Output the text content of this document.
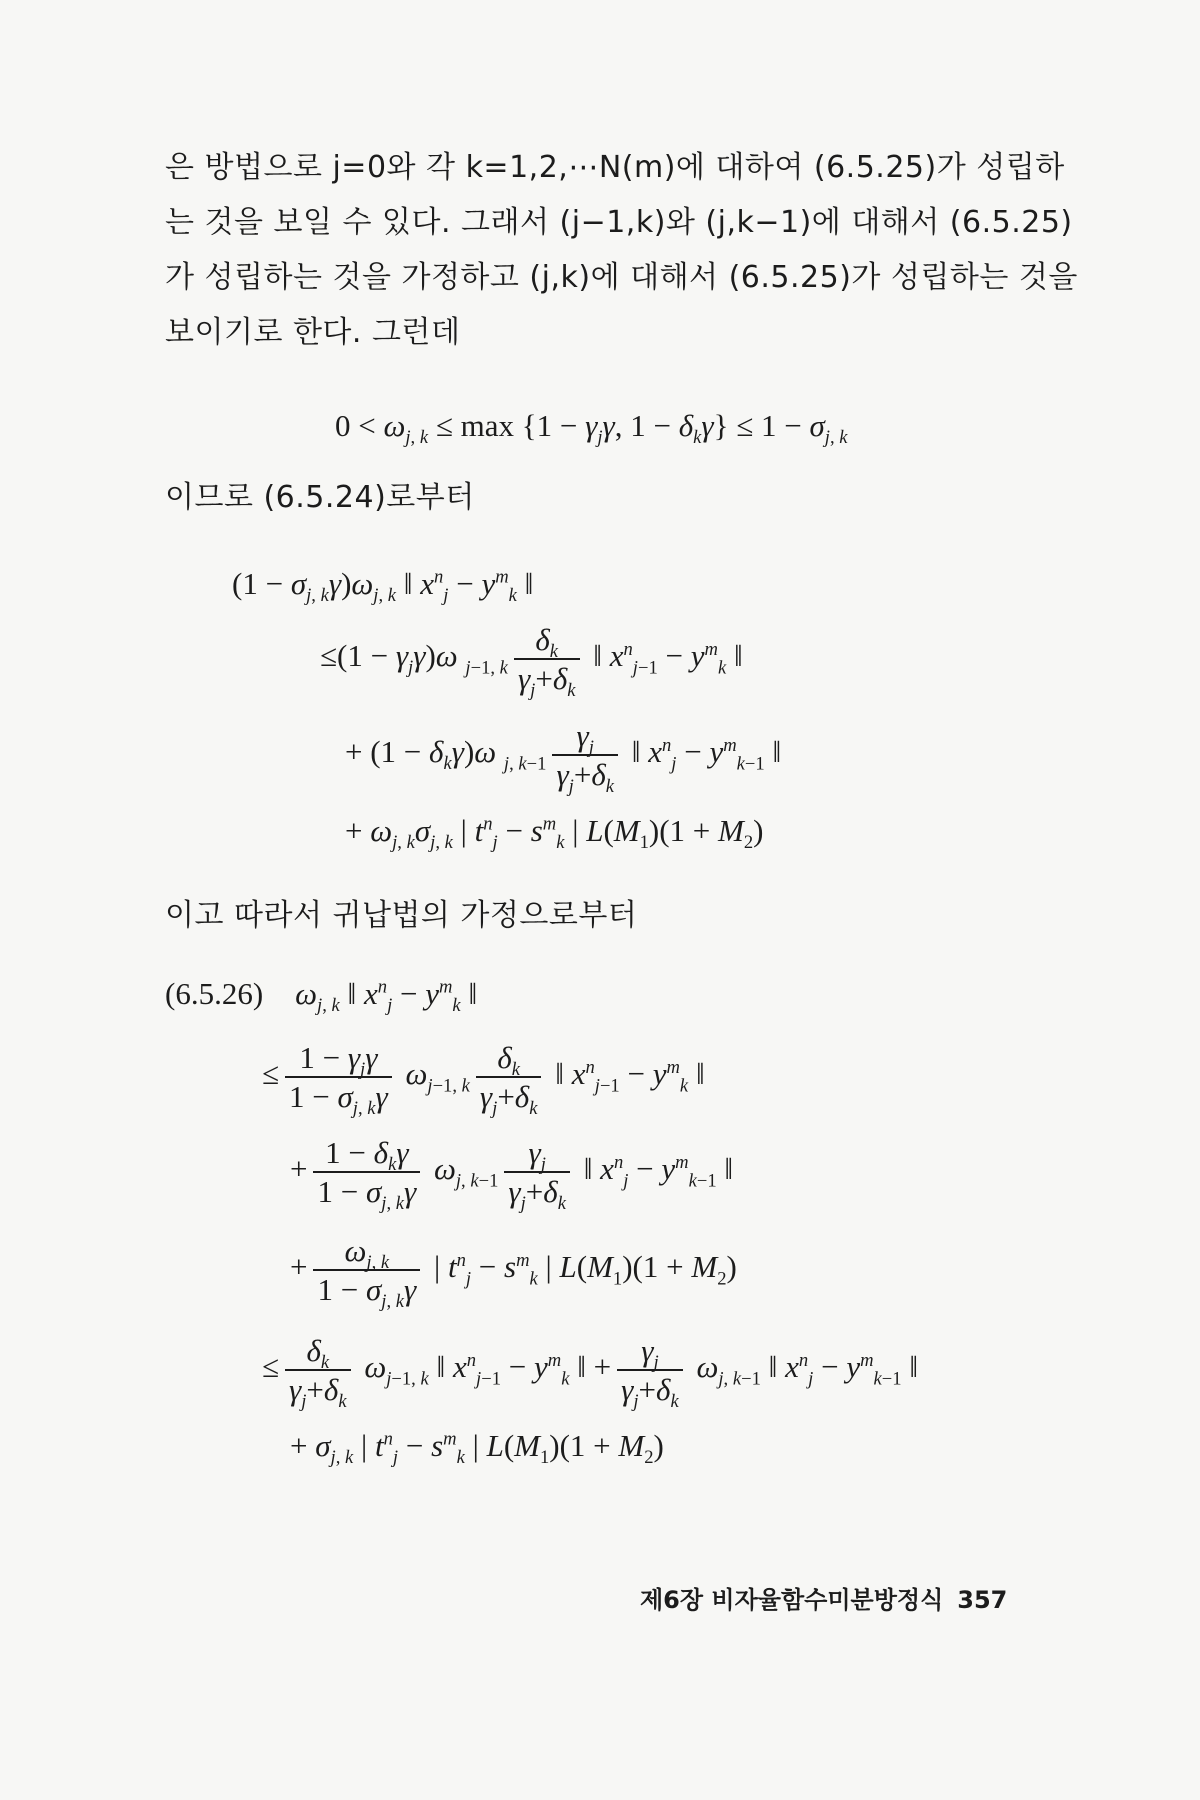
은 방법으로 j=0와 각 k=1,2,⋯N(m)에 대하여 (6.5.25)가 성립하
는 것을 보일 수 있다. 그래서 (j−1,k)와 (j,k−1)에 대해서 (6.5.25)
가 성립하는 것을 가정하고 (j,k)에 대해서 (6.5.25)가 성립하는 것을
보이기로 한다. 그런데
$0 < \omega_{j, k} \le \max \{1 - \gamma_j\gamma$, $1 - \delta_k\gamma\} \le 1 - \sigma_{j, k}$
이므로 (6.5.24)로부터
$(1 - \sigma_{j, k}\gamma)\omega_{j, k}$ ‖ $x^n_j - y^m_k$ ‖
$\le(1 - \gamma_j\gamma)\omega$ $_{j-1, k} \frac{\delta_k}{\gamma_j+\delta_k}$ ‖ $x^n_{j-1} - y^m_k$ ‖
+ $(1 - \delta_k\gamma)\omega$ $_{j, k-1} \frac{\gamma_j}{\gamma_j+\delta_k}$ ‖ $x^n_j - y^m_{k-1}$ ‖
+ $\omega_{j, k}\sigma_{j, k}$ | $t^n_j - s^m_k$ | $L(M_1)(1 + M_2)$
이고 따라서 귀납법의 가정으로부터
(6.5.26) $\omega_{j, k}$ ‖ $x^n_j - y^m_k$ ‖
≤ $\frac{1 - \gamma_j\gamma}{1 - \sigma_{j, k}\gamma} \omega_{j-1, k} \frac{\delta_k}{\gamma_j+\delta_k}$ ‖ $x^n_{j-1} - y^m_k$ ‖
+ $\frac{1 - \delta_k\gamma}{1 - \sigma_{j, k}\gamma} \omega_{j, k-1} \frac{\gamma_j}{\gamma_j+\delta_k}$ ‖ $x^n_j - y^m_{k-1}$ ‖
+ $\frac{\omega_{j, k}}{1 - \sigma_{j, k}\gamma}$ | $t^n_j - s^m_k$ | $L(M_1)(1 + M_2)$
≤ $\frac{\delta_k}{\gamma_j+\delta_k} \omega_{j-1, k}$ ‖ $x^n_{j-1} - y^m_k$ ‖ + $\frac{\gamma_j}{\gamma_j+\delta_k} \omega_{j, k-1}$ ‖ $x^n_j - y^m_{k-1}$ ‖
+ $\sigma_{j, k}$ | $t^n_j - s^m_k$ | $L(M_1)(1 + M_2)$
제6장 비자율함수미분방정식 357
